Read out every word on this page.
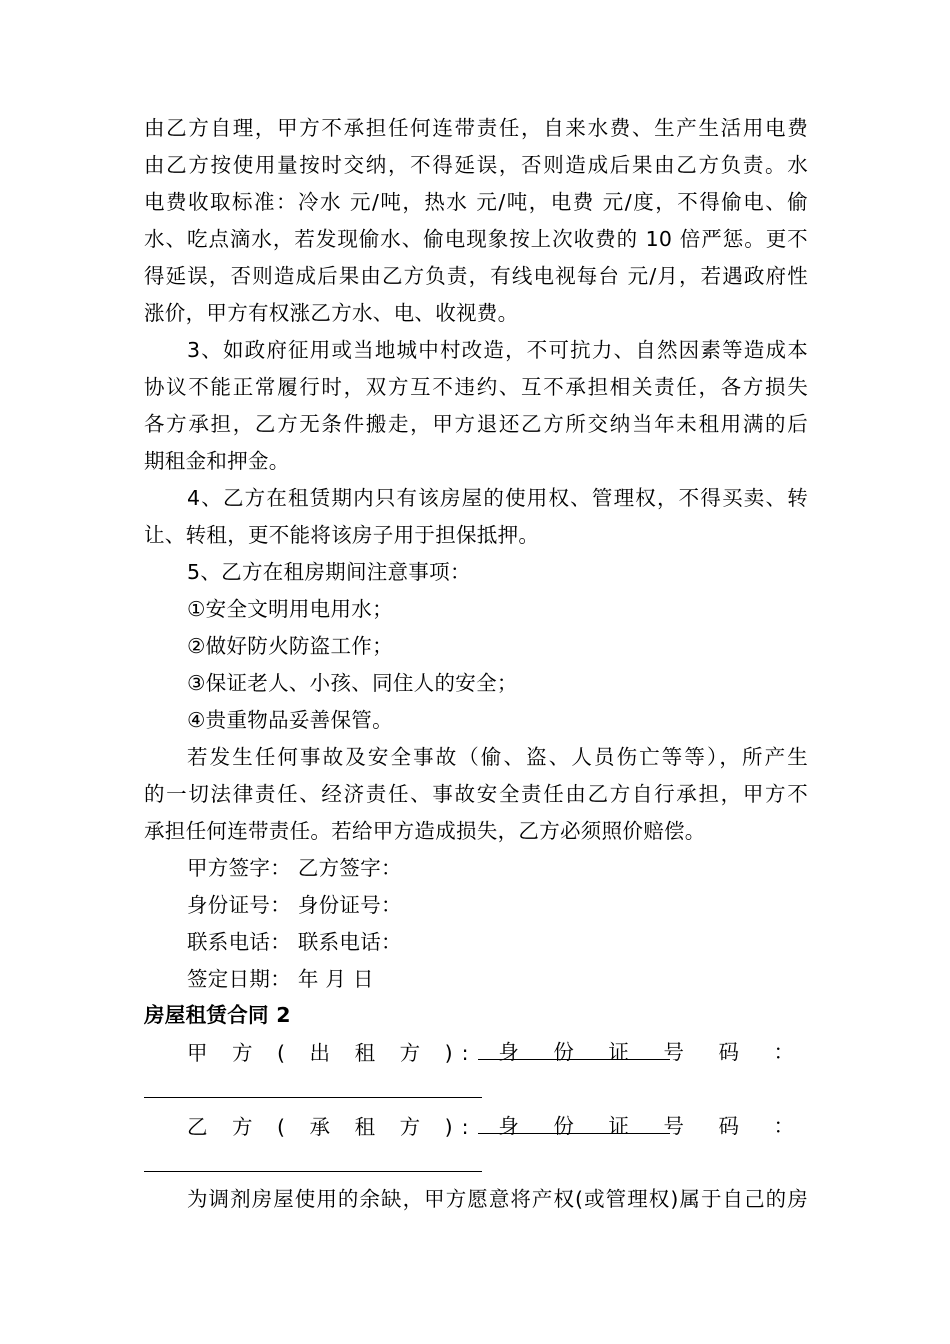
由乙方自理，甲方不承担任何连带责任，自来水费、生产生活用电费
由乙方按使用量按时交纳，不得延误，否则造成后果由乙方负责。水
电费收取标准：冷水 元/吨，热水 元/吨，电费 元/度，不得偷电、偷
水、吃点滴水，若发现偷水、偷电现象按上次收费的 10 倍严惩。更不
得延误，否则造成后果由乙方负责，有线电视每台 元/月，若遇政府性
涨价，甲方有权涨乙方水、电、收视费。
3、如政府征用或当地城中村改造，不可抗力、自然因素等造成本
协议不能正常履行时，双方互不违约、互不承担相关责任，各方损失
各方承担，乙方无条件搬走，甲方退还乙方所交纳当年未租用满的后
期租金和押金。
4、乙方在租赁期内只有该房屋的使用权、管理权，不得买卖、转
让、转租，更不能将该房子用于担保抵押。
5、乙方在租房期间注意事项：
①安全文明用电用水；
②做好防火防盗工作；
③保证老人、小孩、同住人的安全；
④贵重物品妥善保管。
若发生任何事故及安全事故（偷、盗、人员伤亡等等），所产生
的一切法律责任、经济责任、事故安全责任由乙方自行承担，甲方不
承担任何连带责任。若给甲方造成损失，乙方必须照价赔偿。
甲方签字： 乙方签字：
身份证号： 身份证号：
联系电话： 联系电话：
签定日期： 年 月 日
房屋租赁合同 2
甲 方 ( 出 租 方 ): 身 份 证 号 码 ：
乙 方 ( 承 租 方 ): 身 份 证 号 码 ：
为调剂房屋使用的余缺，甲方愿意将产权(或管理权)属于自己的房
